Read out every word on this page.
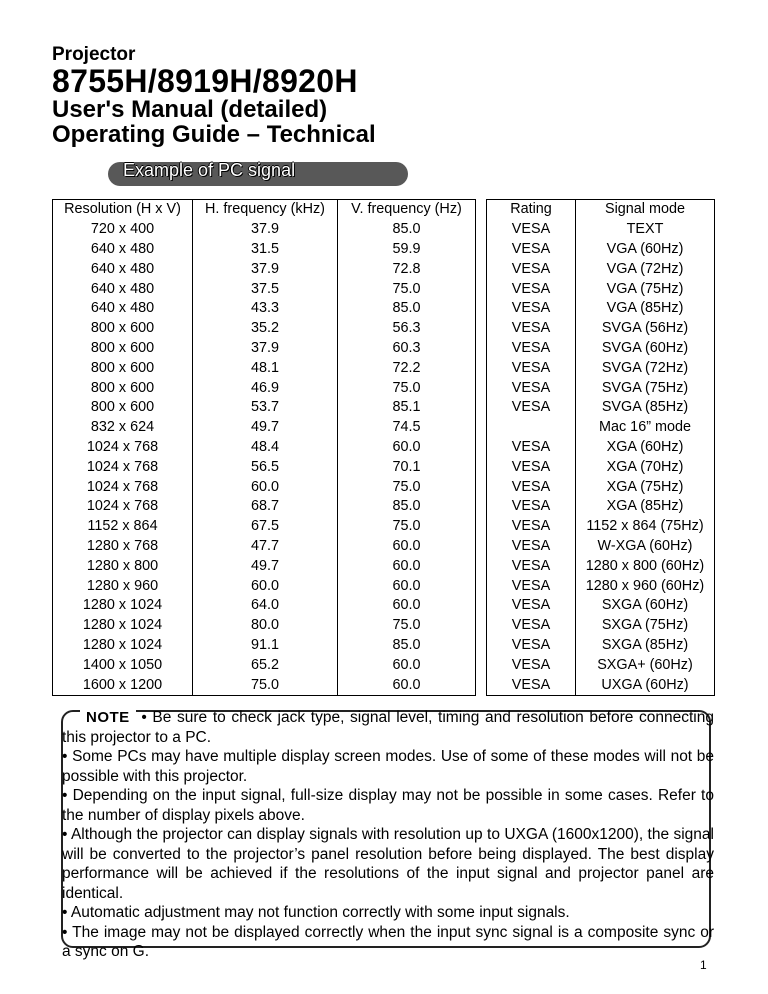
Projector
8755H/8919H/8920H
User's Manual (detailed)
Operating Guide – Technical
Example of PC signal
Resolution (H x V)	H. frequency (kHz)	V. frequency (Hz)		Rating	Signal mode
720 x 400	37.9	85.0		VESA	TEXT
640 x 480	31.5	59.9		VESA	VGA (60Hz)
640 x 480	37.9	72.8		VESA	VGA (72Hz)
640 x 480	37.5	75.0		VESA	VGA (75Hz)
640 x 480	43.3	85.0		VESA	VGA (85Hz)
800 x 600	35.2	56.3		VESA	SVGA (56Hz)
800 x 600	37.9	60.3		VESA	SVGA (60Hz)
800 x 600	48.1	72.2		VESA	SVGA (72Hz)
800 x 600	46.9	75.0		VESA	SVGA (75Hz)
800 x 600	53.7	85.1		VESA	SVGA (85Hz)
832 x 624	49.7	74.5			Mac 16” mode
1024 x 768	48.4	60.0		VESA	XGA (60Hz)
1024 x 768	56.5	70.1		VESA	XGA (70Hz)
1024 x 768	60.0	75.0		VESA	XGA (75Hz)
1024 x 768	68.7	85.0		VESA	XGA (85Hz)
1152 x 864	67.5	75.0		VESA	1152 x 864 (75Hz)
1280 x 768	47.7	60.0		VESA	W-XGA (60Hz)
1280 x 800	49.7	60.0		VESA	1280 x 800 (60Hz)
1280 x 960	60.0	60.0		VESA	1280 x 960 (60Hz)
1280 x 1024	64.0	60.0		VESA	SXGA (60Hz)
1280 x 1024	80.0	75.0		VESA	SXGA (75Hz)
1280 x 1024	91.1	85.0		VESA	SXGA (85Hz)
1400 x 1050	65.2	60.0		VESA	SXGA+ (60Hz)
1600 x 1200	75.0	60.0		VESA	UXGA (60Hz)

NOTE • Be sure to check jack type, signal level, timing and resolution before connecting this projector to a PC.

• Some PCs may have multiple display screen modes. Use of some of these modes will not be possible with this projector.

• Depending on the input signal, full-size display may not be possible in some cases. Refer to the number of display pixels above.

• Although the projector can display signals with resolution up to UXGA (1600x1200), the signal will be converted to the projector’s panel resolution before being displayed. The best display performance will be achieved if the resolutions of the input signal and projector panel are identical.

• Automatic adjustment may not function correctly with some input signals.

• The image may not be displayed correctly when the input sync signal is a composite sync or a sync on G.

1
